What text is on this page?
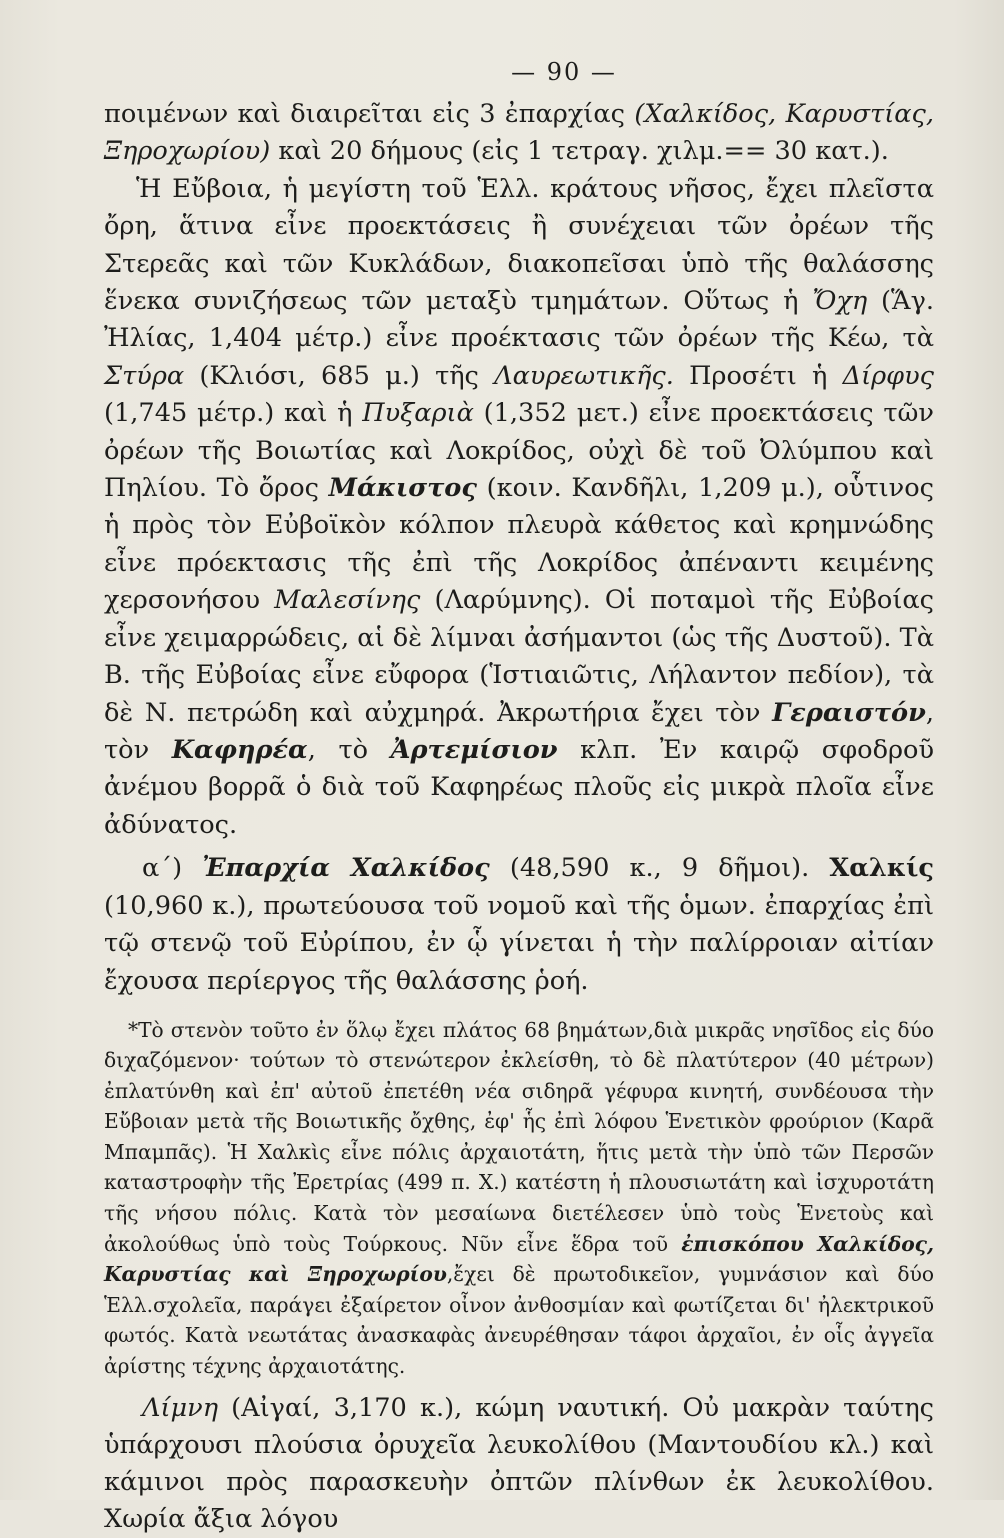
— 90 —

ποιμένων καὶ διαιρεῖται εἰς 3 ἐπαρχίας (Χαλκίδος, Καρυστίας, Ξηροχωρίου) καὶ 20 δήμους (εἰς 1 τετραγ. χιλμ.== 30 κατ.).

Ἡ Εὔβοια, ἡ μεγίστη τοῦ Ἑλλ. κράτους νῆσος, ἔχει πλεῖστα ὄρη, ἅτινα εἶνε προεκτάσεις ἢ συνέχειαι τῶν ὀρέων τῆς Στερεᾶς καὶ τῶν Κυκλάδων, διακοπεῖσαι ὑπὸ τῆς θαλάσσης ἕνεκα συνιζήσεως τῶν μεταξὺ τμημάτων. Οὕτως ἡ Ὄχη (Ἅγ. Ἠλίας, 1,404 μέτρ.) εἶνε προέκτασις τῶν ὀρέων τῆς Κέω, τὰ Στύρα (Κλιόσι, 685 μ.) τῆς Λαυρεωτικῆς. Προσέτι ἡ Δίρφυς (1,745 μέτρ.) καὶ ἡ Πυξαριὰ (1,352 μετ.) εἶνε προεκτάσεις τῶν ὀρέων τῆς Βοιωτίας καὶ Λοκρίδος, οὐχὶ δὲ τοῦ Ὀλύμπου καὶ Πηλίου. Τὸ ὄρος Μάκιστος (κοιν. Κανδῆλι, 1,209 μ.), οὗτινος ἡ πρὸς τὸν Εὐβοϊκὸν κόλπον πλευρὰ κάθετος καὶ κρημνώδης εἶνε πρόεκτασις τῆς ἐπὶ τῆς Λοκρίδος ἀπέναντι κειμένης χερσονήσου Μαλεσίνης (Λαρύμνης). Οἱ ποταμοὶ τῆς Εὐβοίας εἶνε χειμαρρώδεις, αἱ δὲ λίμναι ἀσήμαντοι (ὡς τῆς Δυστοῦ). Τὰ Β. τῆς Εὐβοίας εἶνε εὔφορα (Ἱστιαιῶτις, Λήλαντον πεδίον), τὰ δὲ Ν. πετρώδη καὶ αὐχμηρά. Ἀκρωτήρια ἔχει τὸν Γεραιστόν, τὸν Καφηρέα, τὸ Ἀρτεμίσιον κλπ. Ἐν καιρῷ σφοδροῦ ἀνέμου βορρᾶ ὁ διὰ τοῦ Καφηρέως πλοῦς εἰς μικρὰ πλοῖα εἶνε ἀδύνατος.

α΄) Ἐπαρχία Χαλκίδος (48,590 κ., 9 δῆμοι). Χαλκίς (10,960 κ.), πρωτεύουσα τοῦ νομοῦ καὶ τῆς ὁμων. ἐπαρχίας ἐπὶ τῷ στενῷ τοῦ Εὐρίπου, ἐν ᾧ γίνεται ἡ τὴν παλίρροιαν αἰτίαν ἔχουσα περίεργος τῆς θαλάσσης ῥοή.

*Τὸ στενὸν τοῦτο ἐν ὅλῳ ἔχει πλάτος 68 βημάτων,διὰ μικρᾶς νησῖδος εἰς δύο διχαζόμενον· τούτων τὸ στενώτερον ἐκλείσθη, τὸ δὲ πλατύτερον (40 μέτρων) ἐπλατύνθη καὶ ἐπ' αὐτοῦ ἐπετέθη νέα σιδηρᾶ γέφυρα κινητή, συνδέουσα τὴν Εὔβοιαν μετὰ τῆς Βοιωτικῆς ὄχθης, ἐφ' ἧς ἐπὶ λόφου Ἑνετικὸν φρούριον (Καρᾶ Μπαμπᾶς). Ἡ Χαλκὶς εἶνε πόλις ἀρχαιοτάτη, ἥτις μετὰ τὴν ὑπὸ τῶν Περσῶν καταστροφὴν τῆς Ἐρετρίας (499 π. Χ.) κατέστη ἡ πλουσιωτάτη καὶ ἰσχυροτάτη τῆς νήσου πόλις. Κατὰ τὸν μεσαίωνα διετέλεσεν ὑπὸ τοὺς Ἑνετοὺς καὶ ἀκολούθως ὑπὸ τοὺς Τούρκους. Νῦν εἶνε ἕδρα τοῦ ἐπισκόπου Χαλκίδος, Καρυστίας καὶ Ξηροχωρίου,ἔχει δὲ πρωτοδικεῖον, γυμνάσιον καὶ δύο Ἑλλ.σχολεῖα, παράγει ἐξαίρετον οἶνον ἀνθοσμίαν καὶ φωτίζεται δι' ἠλεκτρικοῦ φωτός. Κατὰ νεωτάτας ἀνασκαφὰς ἀνευρέθησαν τάφοι ἀρχαῖοι, ἐν οἷς ἀγγεῖα ἀρίστης τέχνης ἀρχαιοτάτης.

Λίμνη (Αἰγαί, 3,170 κ.), κώμη ναυτική. Οὐ μακρὰν ταύτης ὑπάρχουσι πλούσια ὀρυχεῖα λευκολίθου (Μαντουδίου κλ.) καὶ κάμινοι πρὸς παρασκευὴν ὀπτῶν πλίνθων ἐκ λευκολίθου. Χωρία ἄξια λόγου
